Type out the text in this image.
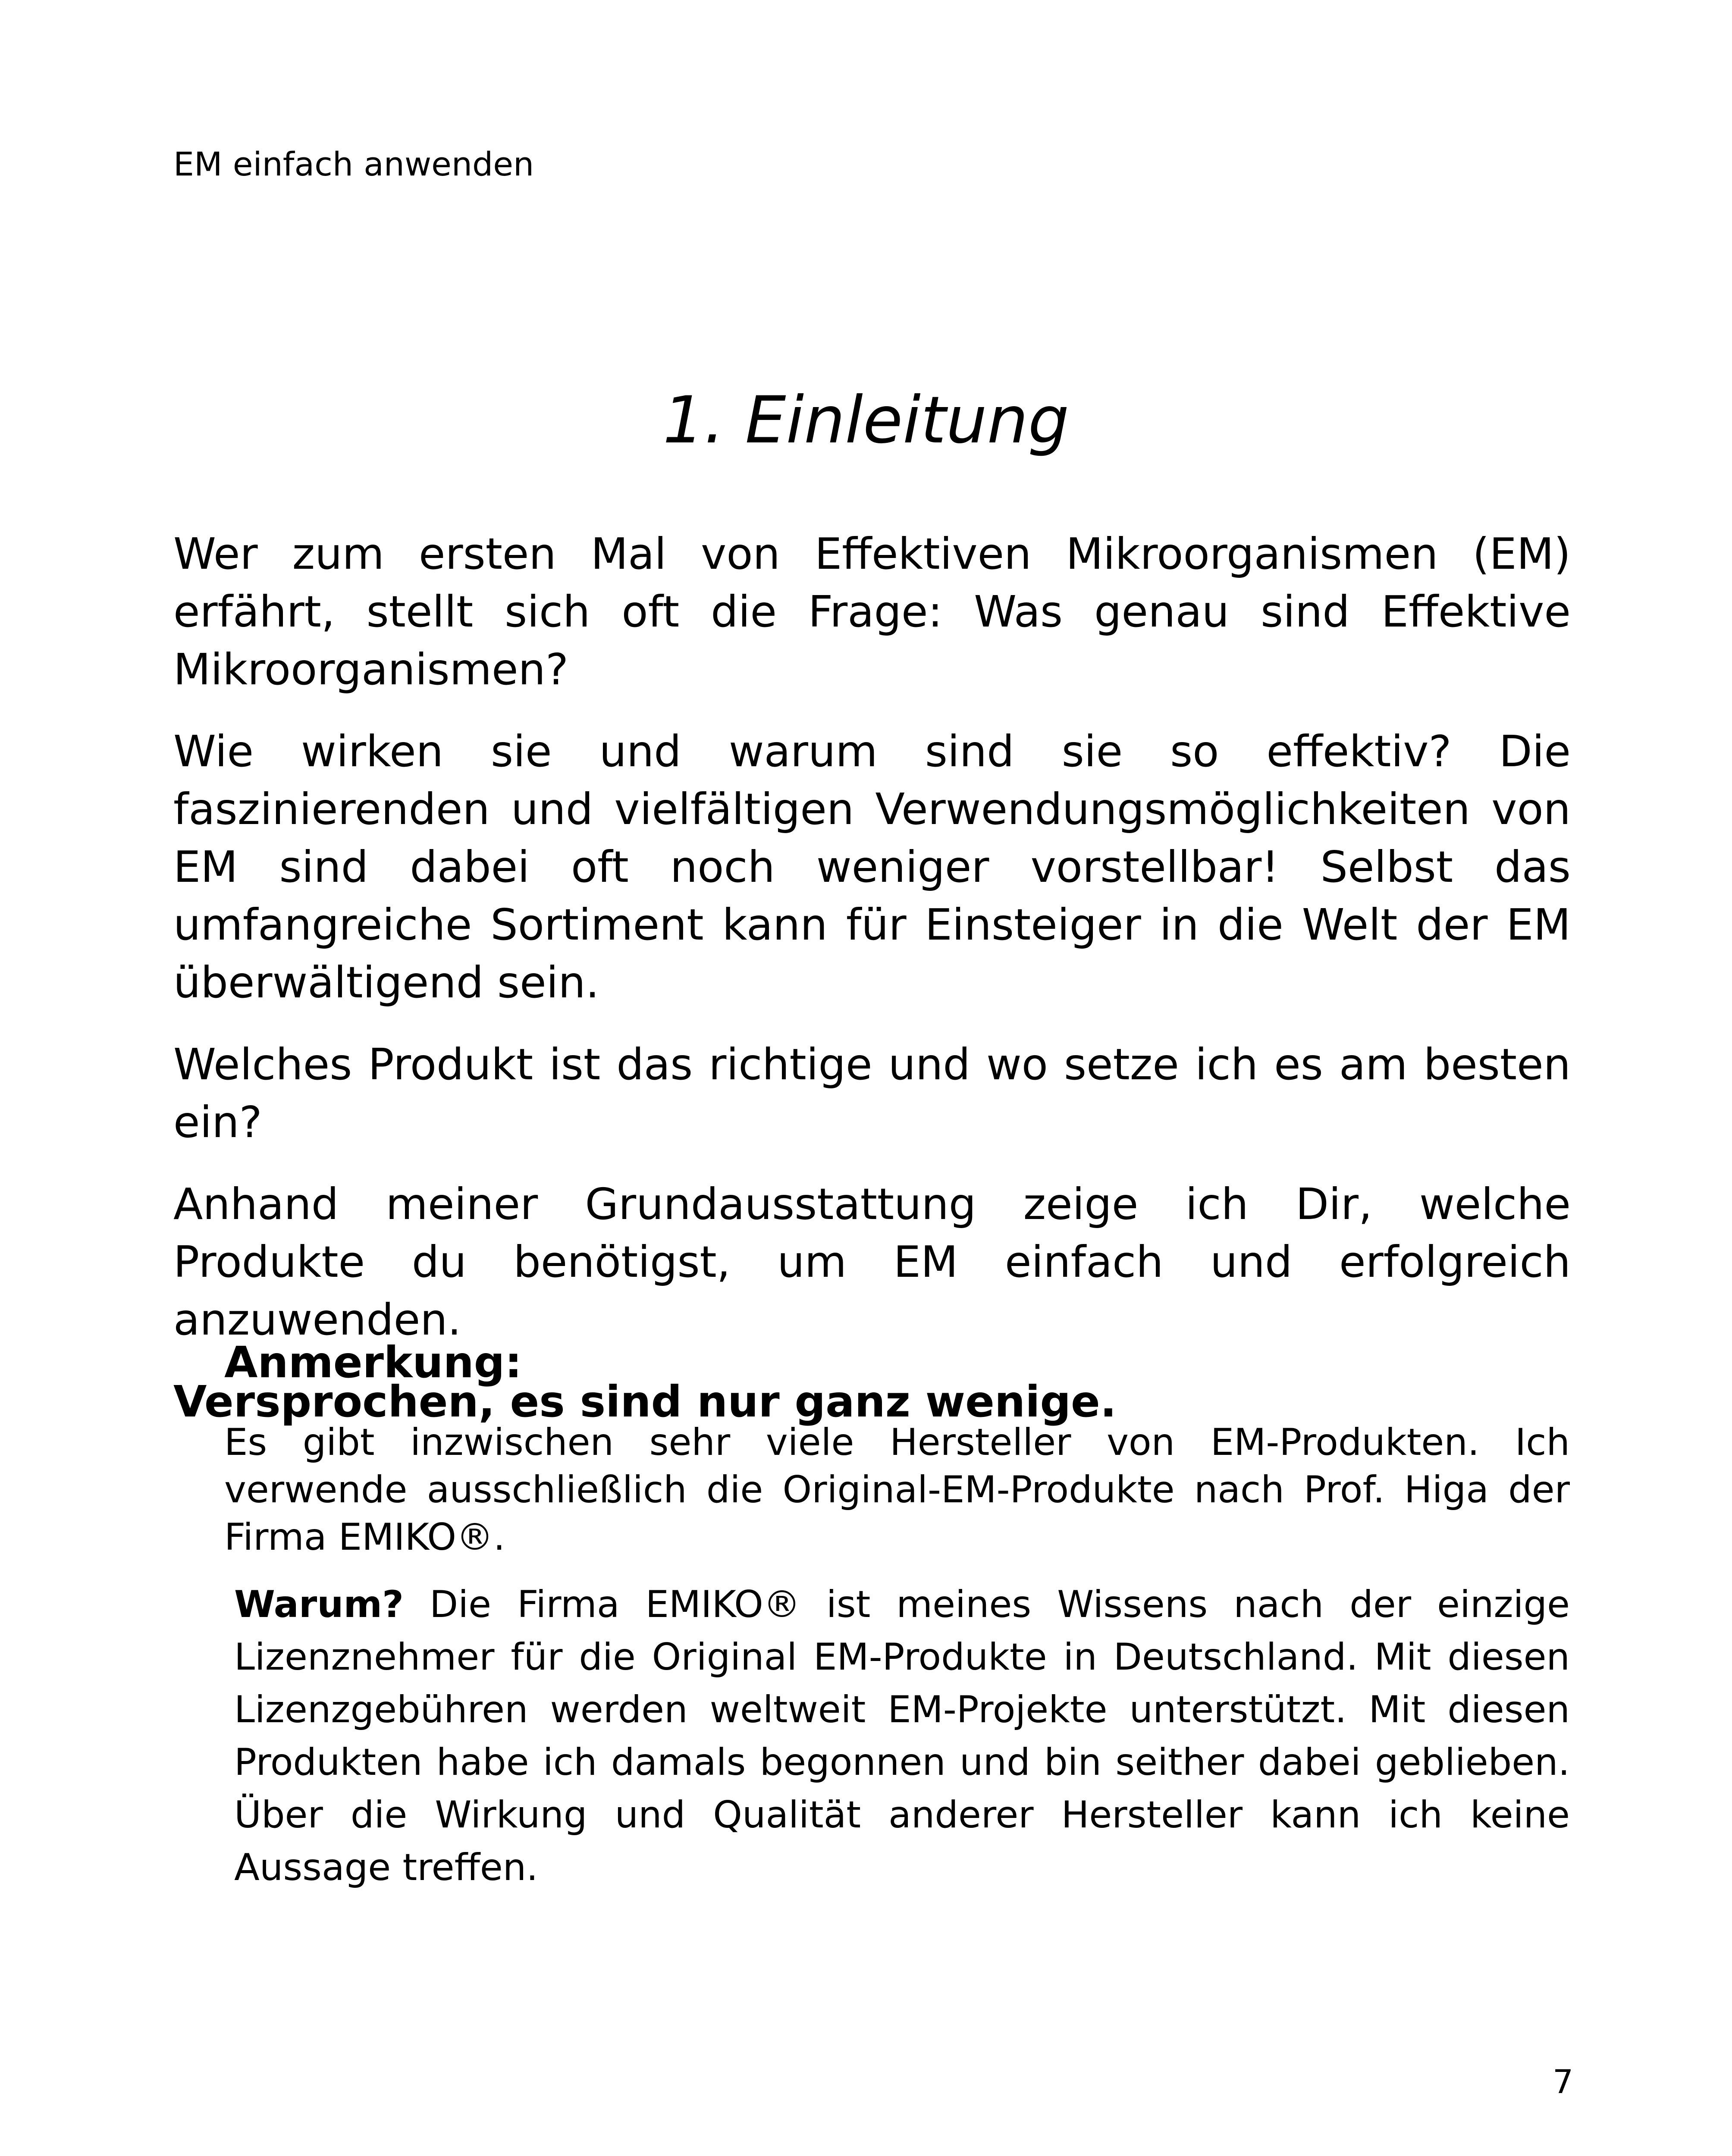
EM einfach anwenden
1. Einleitung

Wer zum ersten Mal von Effektiven Mikroorganismen (EM) erfährt, stellt sich oft die Frage: Was genau sind Effektive Mikroorganismen?

Wie wirken sie und warum sind sie so effektiv? Die faszinierenden und vielfältigen Verwendungsmöglichkeiten von EM sind dabei oft noch weniger vorstellbar! Selbst das umfangreiche Sortiment kann für Einsteiger in die Welt der EM überwältigend sein.

Welches Produkt ist das richtige und wo setze ich es am besten ein?

Anhand meiner Grundausstattung zeige ich Dir, welche Produkte du benötigst, um EM einfach und erfolgreich anzuwenden.

Versprochen, es sind nur ganz wenige.

Anmerkung:

Es gibt inzwischen sehr viele Hersteller von EM-Produkten. Ich verwende ausschließlich die Original-EM-Produkte nach Prof. Higa der Firma EMIKO®.

Warum? Die Firma EMIKO® ist meines Wissens nach der einzige Lizenznehmer für die Original EM-Produkte in Deutschland. Mit diesen Lizenzgebühren werden weltweit EM-Projekte unterstützt. Mit diesen Produkten habe ich damals begonnen und bin seither dabei geblieben. Über die Wirkung und Qualität anderer Hersteller kann ich keine Aussage treffen.

7
